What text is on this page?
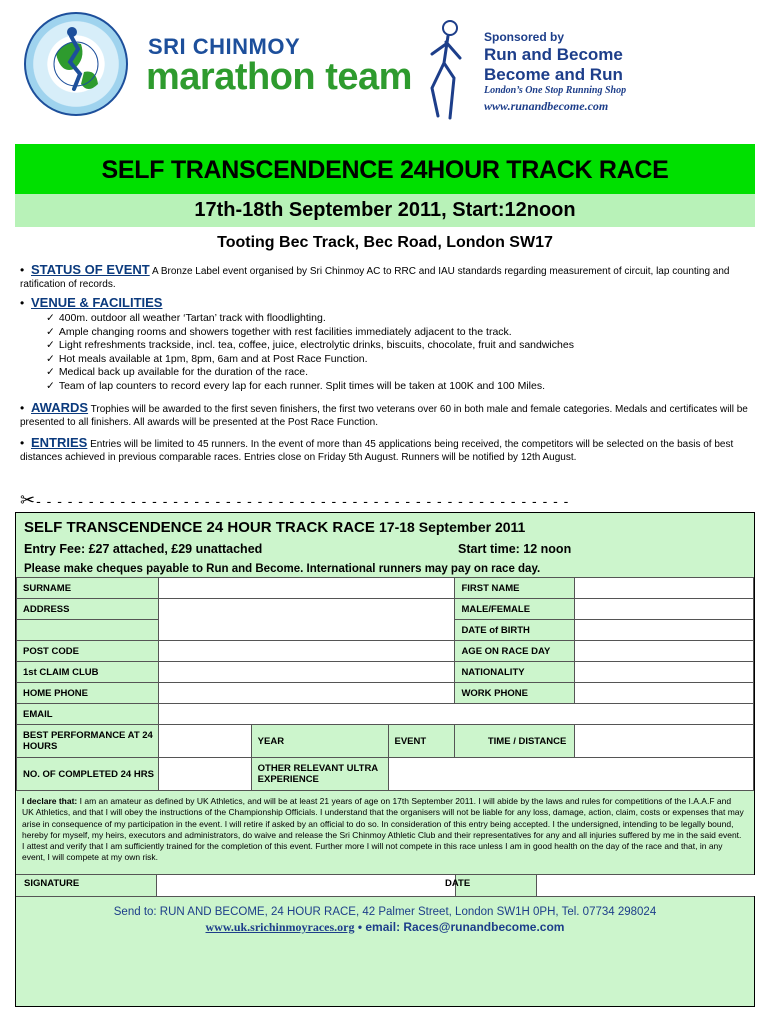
SRI CHINMOY
marathon team
Sponsored by
Run and Become
Become and Run
London’s One Stop Running Shop
www.runandbecome.com
SELF TRANSCENDENCE 24HOUR TRACK RACE
17th-18th September 2011, Start:12noon
Tooting Bec Track, Bec Road, London SW17
• STATUS OF EVENT A Bronze Label event organised by Sri Chinmoy AC to RRC and IAU standards regarding measurement of circuit, lap counting and ratification of records.
• VENUE & FACILITIES
✓ 400m. outdoor all weather ‘Tartan’ track with floodlighting.
✓ Ample changing rooms and showers together with rest facilities immediately adjacent to the track.
✓ Light refreshments trackside, incl. tea, coffee, juice, electrolytic drinks, biscuits, chocolate, fruit and sandwiches
✓ Hot meals available at 1pm, 8pm, 6am and at Post Race Function.
✓ Medical back up available for the duration of the race.
✓ Team of lap counters to record every lap for each runner. Split times will be taken at 100K and 100 Miles.
• AWARDS Trophies will be awarded to the first seven finishers, the first two veterans over 60 in both male and female categories. Medals and certificates will be presented to all finishers. All awards will be presented at the Post Race Function.
• ENTRIES Entries will be limited to 45 runners. In the event of more than 45 applications being received, the competitors will be selected on the basis of best distances achieved in previous comparable races. Entries close on Friday 5th August. Runners will be notified by 12th August.
✂- - - - - - - - - - - - - - - - - - - - - - - - - - - - - - - - - - - - - - - - - - - - - - - - - - -
SELF TRANSCENDENCE 24 HOUR TRACK RACE 17-18 September 2011
Entry Fee: £27 attached, £29 unattached	Start time: 12 noon
Please make cheques payable to Run and Become. International runners may pay on race day.
SURNAME				FIRST NAME	
ADDRESS				MALE/FEMALE	
				DATE of BIRTH	
POST CODE				AGE ON RACE DAY	
1st CLAIM CLUB				NATIONALITY	
HOME PHONE				WORK PHONE	
EMAIL					
BEST PERFORMANCE AT 24 HOURS		YEAR	EVENT	TIME / DISTANCE	
NO. OF COMPLETED 24 HRS		OTHER RELEVANT ULTRA EXPERIENCE			
I declare that: I am an amateur as defined by UK Athletics, and will be at least 21 years of age on 17th September 2011. I will abide by the laws and rules for competitions of the I.A.A.F and UK Athletics, and that I will obey the instructions of the Championship Officials. I understand that the organisers will not be liable for any loss, damage, action, claim, costs or expenses that may arise in consequence of my participation in the event. I will retire if asked by an official to do so. In consideration of this entry being accepted. I the undersigned, intending to be legally bound, hereby for myself, my heirs, executors and administrators, do waive and release the Sri Chinmoy Athletic Club and their representatives for any and all injuries suffered by me in the said event. I attest and verify that I am sufficiently trained for the completion of this event. Further more I will not compete in this race unless I am in good health on the day of the race and that, in any event, I will compete at my own risk.
SIGNATURE	DATE
Send to: RUN AND BECOME, 24 HOUR RACE, 42 Palmer Street, London SW1H 0PH, Tel. 07734 298024
www.uk.srichinmoyraces.org • email: Races@runandbecome.com
